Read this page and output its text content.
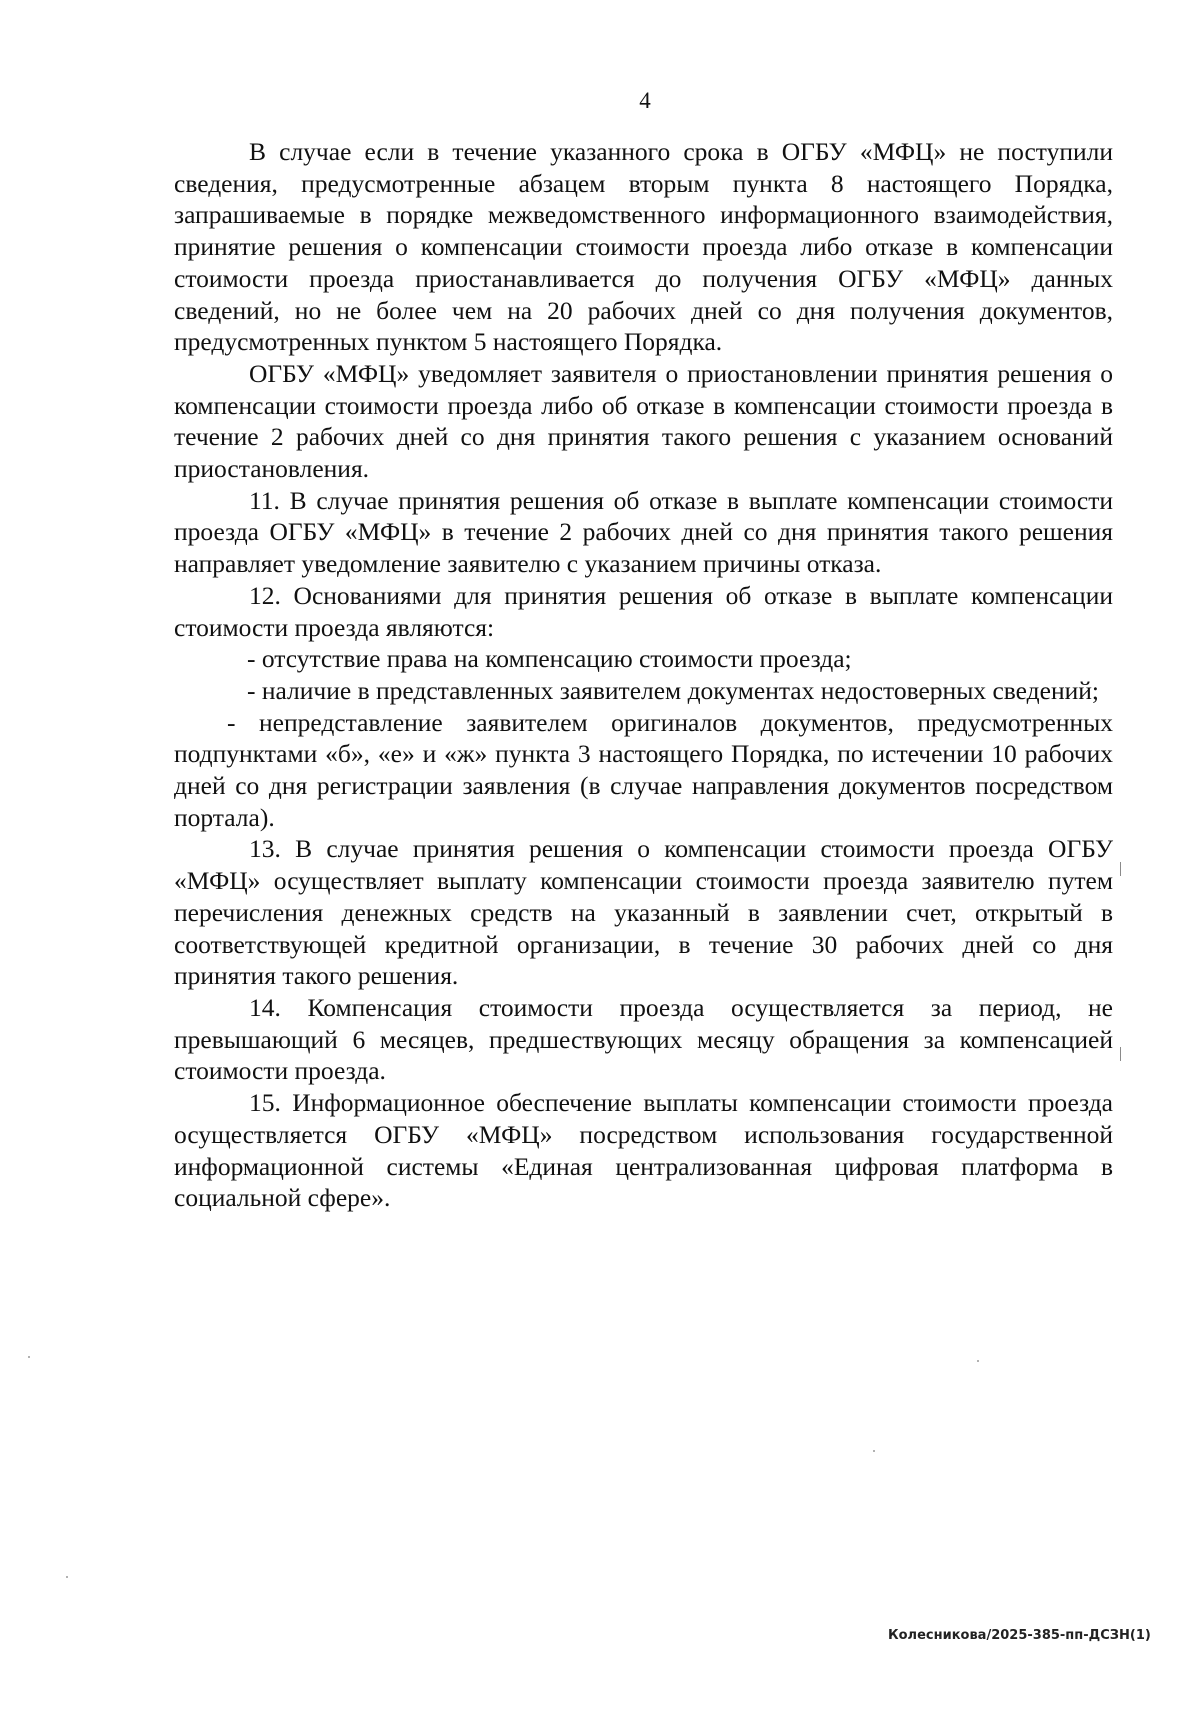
4

В случае если в течение указанного срока в ОГБУ «МФЦ» не поступили сведения, предусмотренные абзацем вторым пункта 8 настоящего Порядка, запрашиваемые в порядке межведомственного информационного взаимодействия, принятие решения о компенсации стоимости проезда либо отказе в компенсации стоимости проезда приостанавливается до получения ОГБУ «МФЦ» данных сведений, но не более чем на 20 рабочих дней со дня получения документов, предусмотренных пунктом 5 настоящего Порядка.

ОГБУ «МФЦ» уведомляет заявителя о приостановлении принятия решения о компенсации стоимости проезда либо об отказе в компенсации стоимости проезда в течение 2 рабочих дней со дня принятия такого решения с указанием оснований приостановления.

11. В случае принятия решения об отказе в выплате компенсации стоимости проезда ОГБУ «МФЦ» в течение 2 рабочих дней со дня принятия такого решения направляет уведомление заявителю с указанием причины отказа.

12. Основаниями для принятия решения об отказе в выплате компенсации стоимости проезда являются:

- отсутствие права на компенсацию стоимости проезда;

- наличие в представленных заявителем документах недостоверных сведений;

- непредставление заявителем оригиналов документов, предусмотренных подпунктами «б», «е» и «ж» пункта 3 настоящего Порядка, по истечении 10 рабочих дней со дня регистрации заявления (в случае направления документов посредством портала).

13. В случае принятия решения о компенсации стоимости проезда ОГБУ «МФЦ» осуществляет выплату компенсации стоимости проезда заявителю путем перечисления денежных средств на указанный в заявлении счет, открытый в соответствующей кредитной организации, в течение 30 рабочих дней со дня принятия такого решения.

14. Компенсация стоимости проезда осуществляется за период, не превышающий 6 месяцев, предшествующих месяцу обращения за компенсацией стоимости проезда.

15. Информационное обеспечение выплаты компенсации стоимости проезда осуществляется ОГБУ «МФЦ» посредством использования государственной информационной системы «Единая централизованная цифровая платформа в социальной сфере».

Колесникова/2025-385-пп-ДСЗН(1)
